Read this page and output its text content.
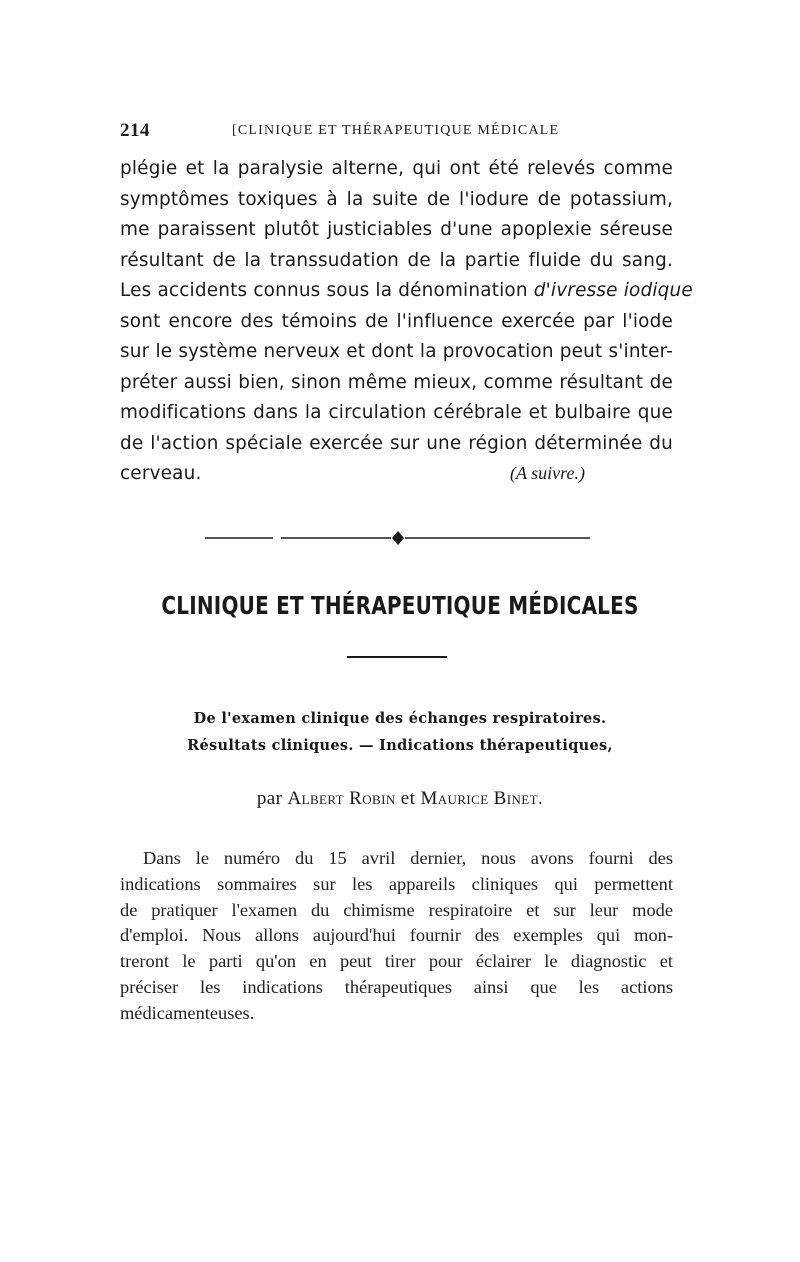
214	[CLINIQUE ET THÉRAPEUTIQUE MÉDICALE
plégie et la paralysie alterne, qui ont été relevés comme
symptômes toxiques à la suite de l'iodure de potassium,
me paraissent plutôt justiciables d'une apoplexie séreuse
résultant de la transsudation de la partie fluide du sang.
Les accidents connus sous la dénomination d'ivresse iodique
sont encore des témoins de l'influence exercée par l'iode
sur le système nerveux et dont la provocation peut s'inter-
préter aussi bien, sinon même mieux, comme résultant de
modifications dans la circulation cérébrale et bulbaire que
de l'action spéciale exercée sur une région déterminée du
cerveau.	(A suivre.)
CLINIQUE ET THÉRAPEUTIQUE MÉDICALES
De l'examen clinique des échanges respiratoires.
Résultats cliniques. — Indications thérapeutiques,
par Albert Robin et Maurice Binet.
Dans le numéro du 15 avril dernier, nous avons fourni des
indications sommaires sur les appareils cliniques qui permettent
de pratiquer l'examen du chimisme respiratoire et sur leur mode
d'emploi. Nous allons aujourd'hui fournir des exemples qui mon-
treront le parti qu'on en peut tirer pour éclairer le diagnostic et
préciser les indications thérapeutiques ainsi que les actions
médicamenteuses.
